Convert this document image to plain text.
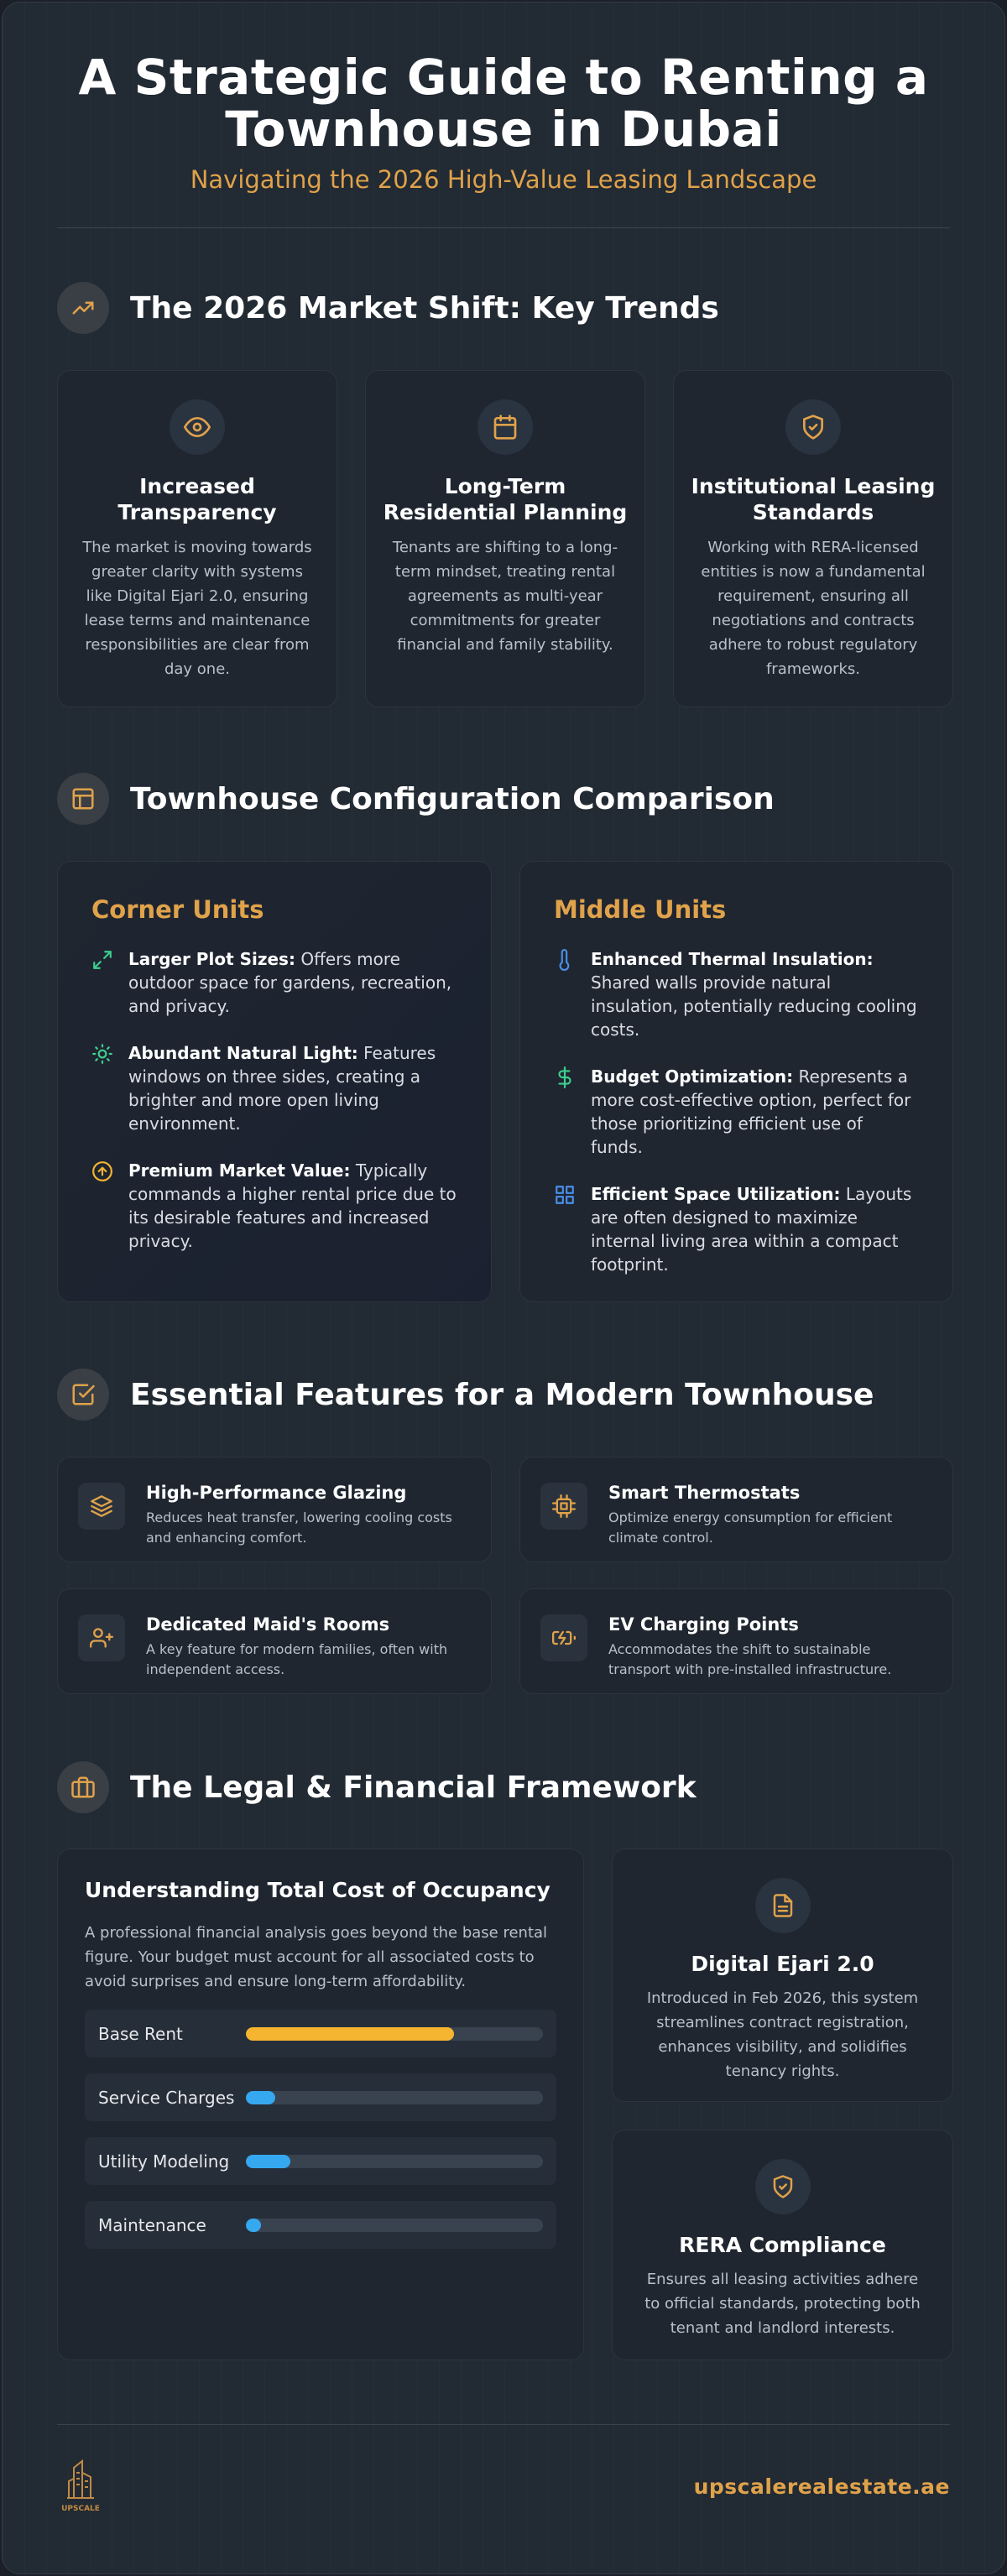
A Strategic Guide to Renting a Townhouse in Dubai
Navigating the 2026 High-Value Leasing Landscape
The 2026 Market Shift: Key Trends
Increased Transparency

The market is moving towards greater clarity with systems like Digital Ejari 2.0, ensuring lease terms and maintenance responsibilities are clear from day one.

Long-Term Residential Planning

Tenants are shifting to a long-term mindset, treating rental agreements as multi-year commitments for greater financial and family stability.

Institutional Leasing Standards

Working with RERA-licensed entities is now a fundamental requirement, ensuring all negotiations and contracts adhere to robust regulatory frameworks.

Townhouse Configuration Comparison
Corner Units

Larger Plot Sizes: Offers more outdoor space for gardens, recreation, and privacy.

Abundant Natural Light: Features windows on three sides, creating a brighter and more open living environment.

Premium Market Value: Typically commands a higher rental price due to its desirable features and increased privacy.

Middle Units

Enhanced Thermal Insulation: Shared walls provide natural insulation, potentially reducing cooling costs.

Budget Optimization: Represents a more cost-effective option, perfect for those prioritizing efficient use of funds.

Efficient Space Utilization: Layouts are often designed to maximize internal living area within a compact footprint.

Essential Features for a Modern Townhouse
High-Performance Glazing

Reduces heat transfer, lowering cooling costs and enhancing comfort.

Smart Thermostats

Optimize energy consumption for efficient climate control.

Dedicated Maid's Rooms

A key feature for modern families, often with independent access.

EV Charging Points

Accommodates the shift to sustainable transport with pre-installed infrastructure.

The Legal & Financial Framework
Understanding Total Cost of Occupancy

A professional financial analysis goes beyond the base rental figure. Your budget must account for all associated costs to avoid surprises and ensure long-term affordability.

Base Rent
Service Charges
Utility Modeling
Maintenance
Digital Ejari 2.0

Introduced in Feb 2026, this system streamlines contract registration, enhances visibility, and solidifies tenancy rights.

RERA Compliance

Ensures all leasing activities adhere to official standards, protecting both tenant and landlord interests.

UPSCALE
upscalerealestate.ae
